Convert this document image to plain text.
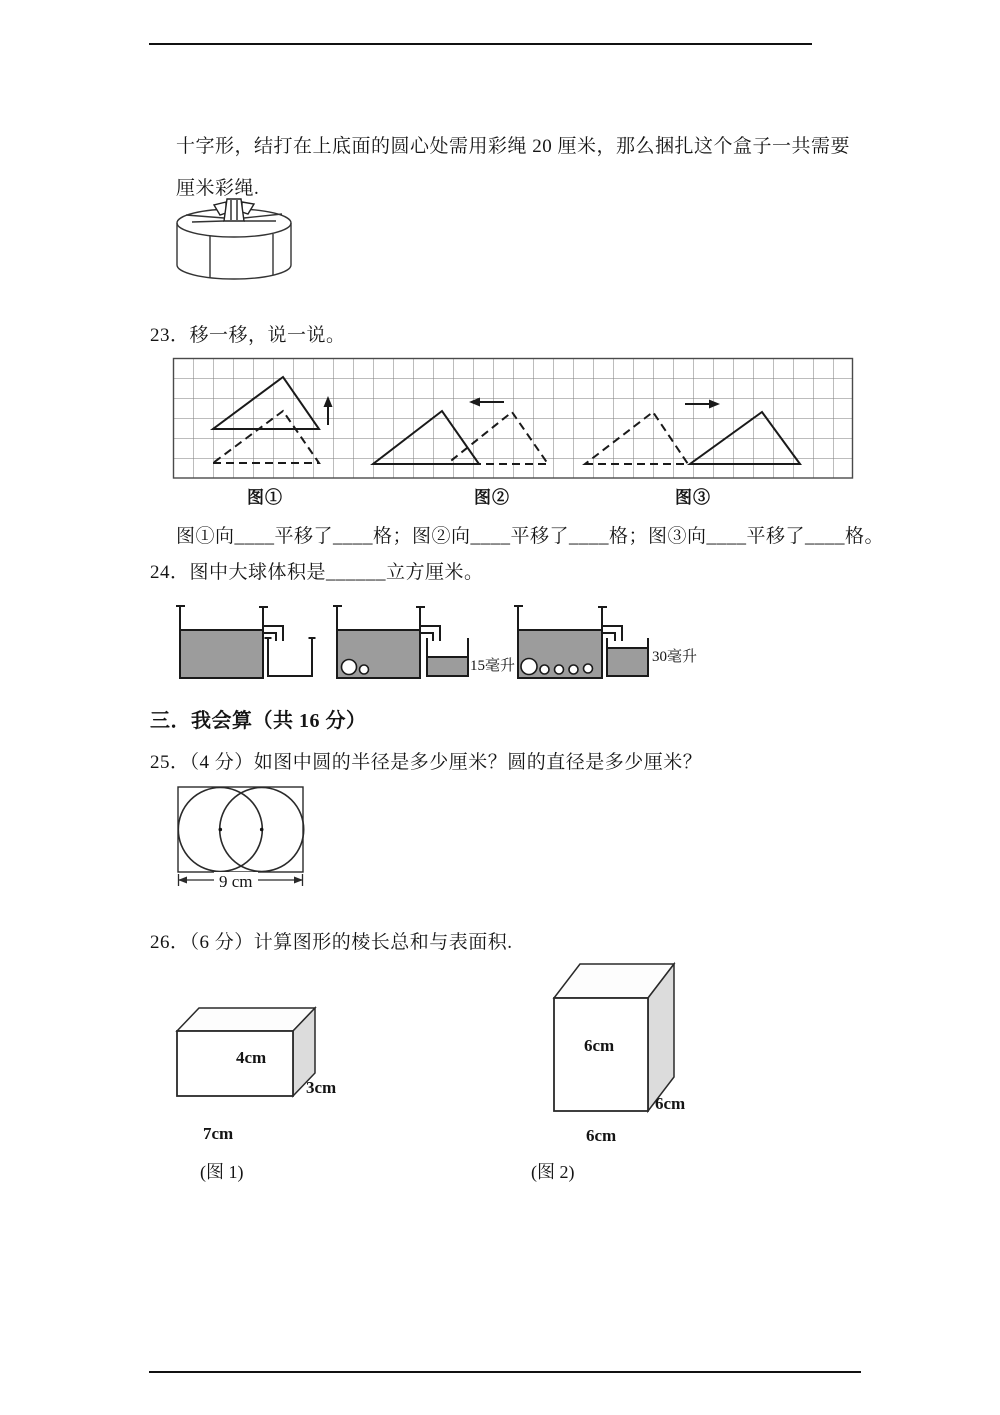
十字形，结打在上底面的圆心处需用彩绳 20 厘米，那么捆扎这个盒子一共需要
厘米彩绳.
23．移一移，说一说。
图①	图②	图③
图①向____平移了____格；图②向____平移了____格；图③向____平移了____格。
24．图中大球体积是______立方厘米。
15毫升
30毫升
三．我会算（共 16 分）
25．（4 分）如图中圆的半径是多少厘米？圆的直径是多少厘米？
9 cm
26．（6 分）计算图形的棱长总和与表面积.
4cm
3cm
7cm
(图 1)
6cm
6cm
6cm
(图 2)
